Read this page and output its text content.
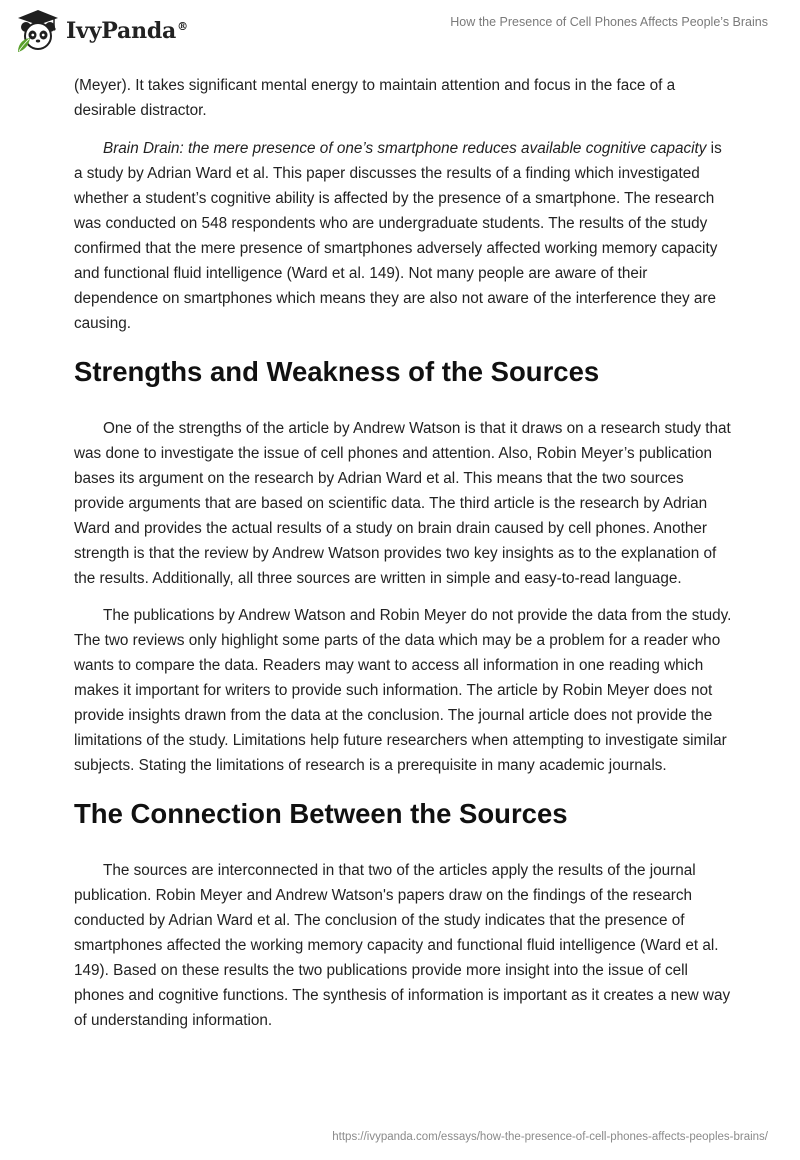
IvyPanda®	How the Presence of Cell Phones Affects People’s Brains

(Meyer). It takes significant mental energy to maintain attention and focus in the face of a desirable distractor.

Brain Drain: the mere presence of one’s smartphone reduces available cognitive capacity is a study by Adrian Ward et al. This paper discusses the results of a finding which investigated whether a student’s cognitive ability is affected by the presence of a smartphone. The research was conducted on 548 respondents who are undergraduate students. The results of the study confirmed that the mere presence of smartphones adversely affected working memory capacity and functional fluid intelligence (Ward et al. 149). Not many people are aware of their dependence on smartphones which means they are also not aware of the interference they are causing.

Strengths and Weakness of the Sources

One of the strengths of the article by Andrew Watson is that it draws on a research study that was done to investigate the issue of cell phones and attention. Also, Robin Meyer’s publication bases its argument on the research by Adrian Ward et al. This means that the two sources provide arguments that are based on scientific data. The third article is the research by Adrian Ward and provides the actual results of a study on brain drain caused by cell phones. Another strength is that the review by Andrew Watson provides two key insights as to the explanation of the results. Additionally, all three sources are written in simple and easy-to-read language.

The publications by Andrew Watson and Robin Meyer do not provide the data from the study. The two reviews only highlight some parts of the data which may be a problem for a reader who wants to compare the data. Readers may want to access all information in one reading which makes it important for writers to provide such information. The article by Robin Meyer does not provide insights drawn from the data at the conclusion. The journal article does not provide the limitations of the study. Limitations help future researchers when attempting to investigate similar subjects. Stating the limitations of research is a prerequisite in many academic journals.

The Connection Between the Sources

The sources are interconnected in that two of the articles apply the results of the journal publication. Robin Meyer and Andrew Watson's papers draw on the findings of the research conducted by Adrian Ward et al. The conclusion of the study indicates that the presence of smartphones affected the working memory capacity and functional fluid intelligence (Ward et al. 149). Based on these results the two publications provide more insight into the issue of cell phones and cognitive functions. The synthesis of information is important as it creates a new way of understanding information.

https://ivypanda.com/essays/how-the-presence-of-cell-phones-affects-peoples-brains/
